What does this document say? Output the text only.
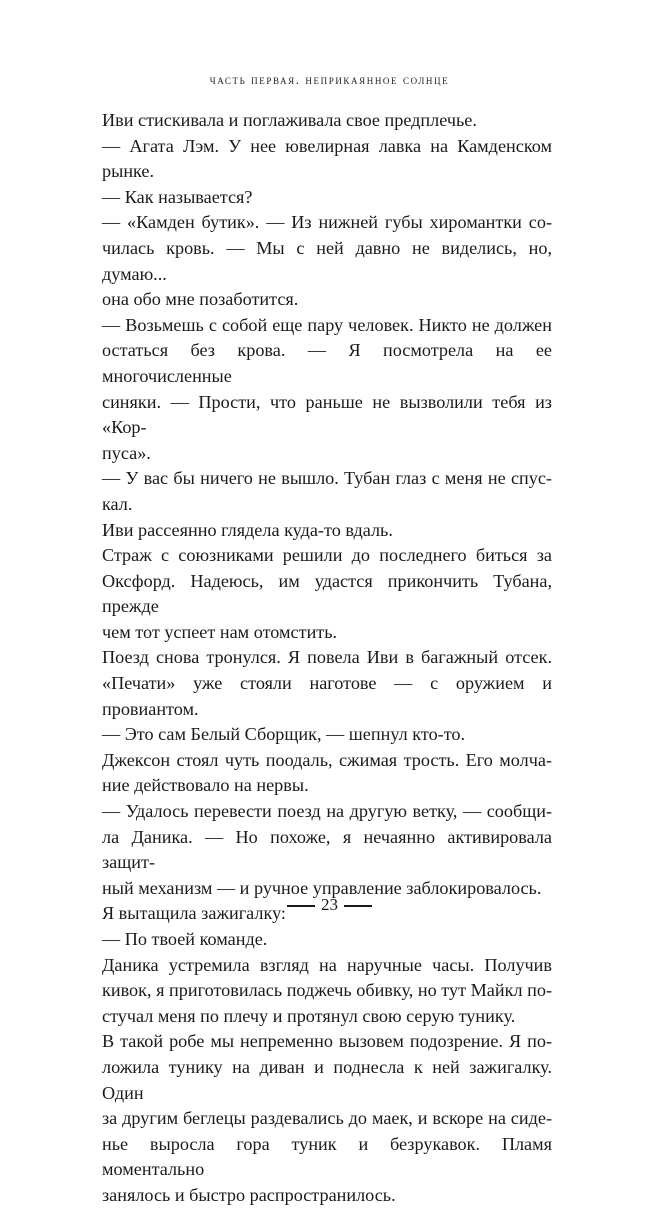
часть первая. неприкаянное солнце

Иви стискивала и поглаживала свое предплечье.

— Агата Лэм. У нее ювелирная лавка на Камденском

рынке.

— Как называется?

— «Камден бутик». — Из нижней губы хиромантки со-

чилась кровь. — Мы с ней давно не виделись, но, думаю...

она обо мне позаботится.

— Возьмешь с собой еще пару человек. Никто не должен

остаться без крова. — Я посмотрела на ее многочисленные

синяки. — Прости, что раньше не вызволили тебя из «Кор-

пуса».

— У вас бы ничего не вышло. Тубан глаз с меня не спус-

кал.

Иви рассеянно глядела куда-то вдаль.

Страж с союзниками решили до последнего биться за

Оксфорд. Надеюсь, им удастся прикончить Тубана, прежде

чем тот успеет нам отомстить.

Поезд снова тронулся. Я повела Иви в багажный отсек.

«Печати» уже стояли наготове — с оружием и провиантом.

— Это сам Белый Сборщик, — шепнул кто-то.

Джексон стоял чуть поодаль, сжимая трость. Его молча-

ние действовало на нервы.

— Удалось перевести поезд на другую ветку, — сообщи-

ла Даника. — Но похоже, я нечаянно активировала защит-

ный механизм — и ручное управление заблокировалось.

Я вытащила зажигалку:

— По твоей команде.

Даника устремила взгляд на наручные часы. Получив

кивок, я приготовилась поджечь обивку, но тут Майкл по-

стучал меня по плечу и протянул свою серую тунику.

В такой робе мы непременно вызовем подозрение. Я по-

ложила тунику на диван и поднесла к ней зажигалку. Один

за другим беглецы раздевались до маек, и вскоре на сиде-

нье выросла гора туник и безрукавок. Пламя моментально

занялось и быстро распространилось.

23
